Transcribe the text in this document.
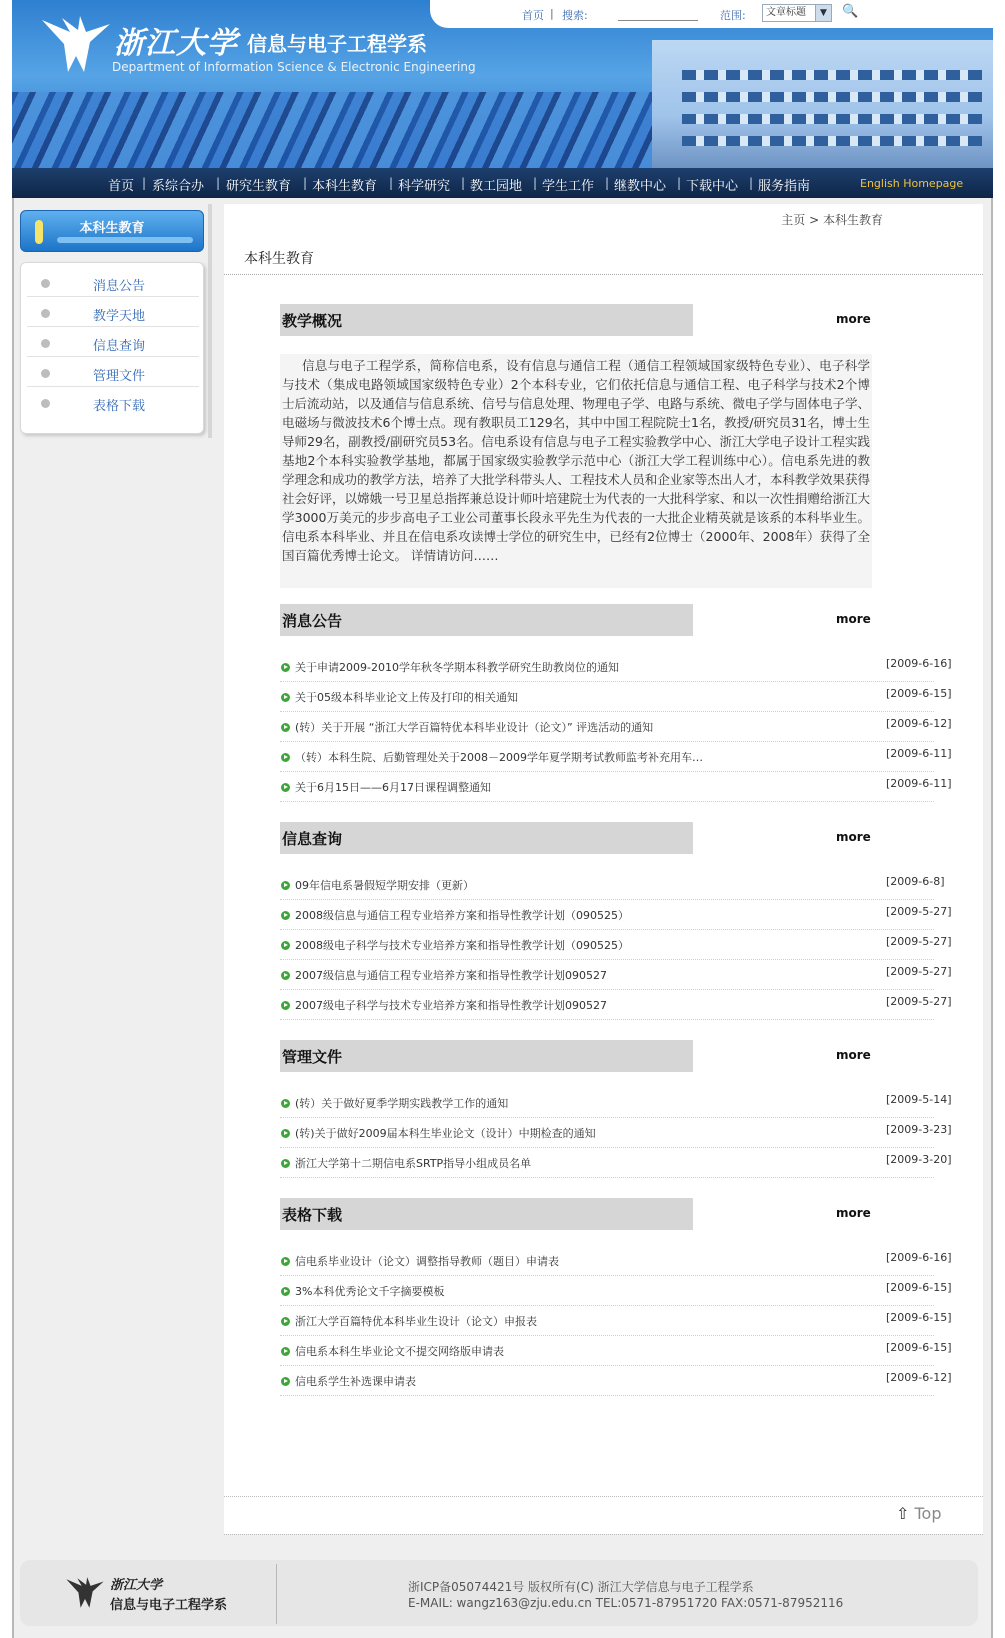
浙江大学 信息与电子工程学系
Department of Information Science & Electronic Engineering
首页 | 搜索:	范围:	文章标题	▼	🔍
首页 | 系综合办 | 研究生教育 | 本科生教育 | 科学研究 | 教工园地 | 学生工作 | 继教中心 | 下载中心 | 服务指南	English Homepage
本科生教育
消息公告
教学天地
信息查询
管理文件
表格下载
主页 > 本科生教育
本科生教育
教学概况	more
信息与电子工程学系，简称信电系，设有信息与通信工程（通信工程领域国家级特色专业）、电子科学与技术（集成电路领域国家级特色专业）2个本科专业，它们依托信息与通信工程、电子科学与技术2个博士后流动站，以及通信与信息系统、信号与信息处理、物理电子学、电路与系统、微电子学与固体电子学、电磁场与微波技术6个博士点。现有教职员工129名，其中中国工程院院士1名，教授/研究员31名，博士生导师29名，副教授/副研究员53名。信电系设有信息与电子工程实验教学中心、浙江大学电子设计工程实践基地2个本科实验教学基地，都属于国家级实验教学示范中心（浙江大学工程训练中心）。信电系先进的教学理念和成功的教学方法，培养了大批学科带头人、工程技术人员和企业家等杰出人才，本科教学效果获得社会好评，以嫦娥一号卫星总指挥兼总设计师叶培建院士为代表的一大批科学家、和以一次性捐赠给浙江大学3000万美元的步步高电子工业公司董事长段永平先生为代表的一大批企业精英就是该系的本科毕业生。信电系本科毕业、并且在信电系攻读博士学位的研究生中，已经有2位博士（2000年、2008年）获得了全国百篇优秀博士论文。 详情请访问……
消息公告	more
关于申请2009-2010学年秋冬学期本科教学研究生助教岗位的通知	[2009-6-16]
关于05级本科毕业论文上传及打印的相关通知	[2009-6-15]
(转）关于开展 “浙江大学百篇特优本科毕业设计（论文）” 评选活动的通知	[2009-6-12]
（转）本科生院、后勤管理处关于2008－2009学年夏学期考试教师监考补充用车…	[2009-6-11]
关于6月15日——6月17日课程调整通知	[2009-6-11]
信息查询	more
09年信电系暑假短学期安排（更新）	[2009-6-8]
2008级信息与通信工程专业培养方案和指导性教学计划（090525）	[2009-5-27]
2008级电子科学与技术专业培养方案和指导性教学计划（090525）	[2009-5-27]
2007级信息与通信工程专业培养方案和指导性教学计划090527	[2009-5-27]
2007级电子科学与技术专业培养方案和指导性教学计划090527	[2009-5-27]
管理文件	more
(转）关于做好夏季学期实践教学工作的通知	[2009-5-14]
(转)关于做好2009届本科生毕业论文（设计）中期检查的通知	[2009-3-23]
浙江大学第十二期信电系SRTP指导小组成员名单	[2009-3-20]
表格下载	more
信电系毕业设计（论文）调整指导教师（题目）申请表	[2009-6-16]
3%本科优秀论文千字摘要模板	[2009-6-15]
浙江大学百篇特优本科毕业生设计（论文）申报表	[2009-6-15]
信电系本科生毕业论文不提交网络版申请表	[2009-6-15]
信电系学生补选课申请表	[2009-6-12]
⇧ Top
浙江大学
信息与电子工程学系
浙ICP备05074421号 版权所有(C) 浙江大学信息与电子工程学系
E-MAIL: wangz163@zju.edu.cn TEL:0571-87951720 FAX:0571-87952116
